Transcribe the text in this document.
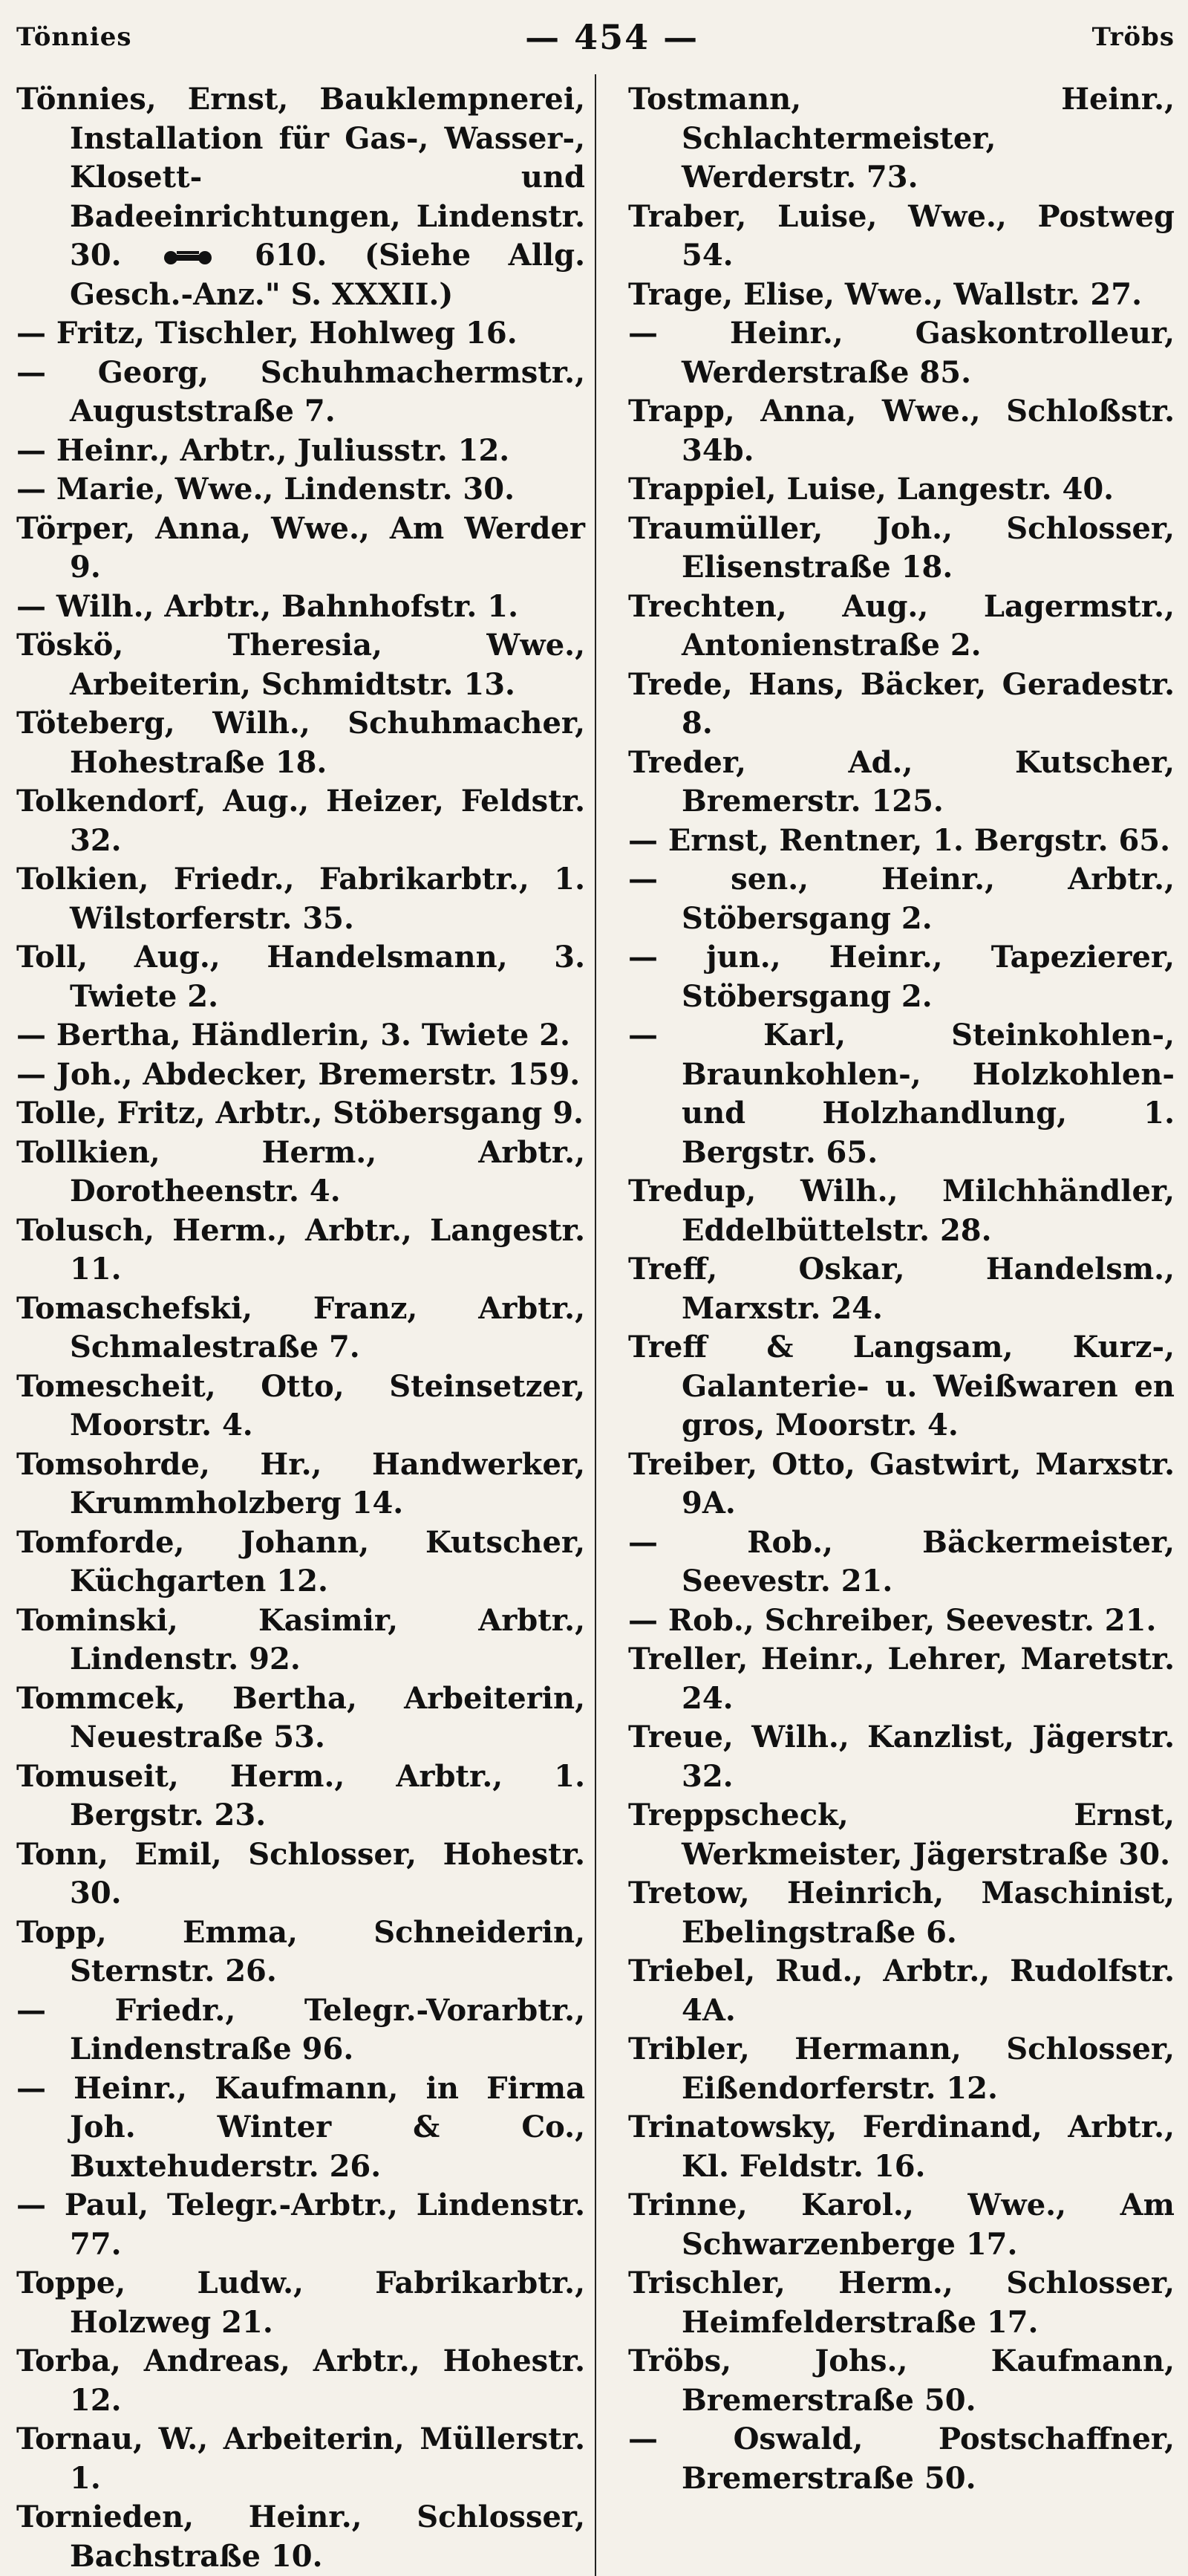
Tönnies	— 454 —	Tröbs
Tönnies, Ernst, Bauklempnerei, Installation für Gas-, Wasser-, Klosett- und Badeeinrichtungen, Lindenstr. 30.	610. (Siehe Allg. Gesch.-Anz." S. XXXII.)
— Fritz, Tischler, Hohlweg 16.
— Georg, Schuhmachermstr., Auguststraße 7.
— Heinr., Arbtr., Juliusstr. 12.
— Marie, Wwe., Lindenstr. 30.
Törper, Anna, Wwe., Am Werder 9.
— Wilh., Arbtr., Bahnhofstr. 1.
Töskö, Theresia, Wwe., Arbeiterin, Schmidtstr. 13.
Töteberg, Wilh., Schuhmacher, Hohestraße 18.
Tolkendorf, Aug., Heizer, Feldstr. 32.
Tolkien, Friedr., Fabrikarbtr., 1. Wilstorferstr. 35.
Toll, Aug., Handelsmann, 3. Twiete 2.
— Bertha, Händlerin, 3. Twiete 2.
— Joh., Abdecker, Bremerstr. 159.
Tolle, Fritz, Arbtr., Stöbersgang 9.
Tollkien, Herm., Arbtr., Dorotheenstr. 4.
Tolusch, Herm., Arbtr., Langestr. 11.
Tomaschefski, Franz, Arbtr., Schmalestraße 7.
Tomescheit, Otto, Steinsetzer, Moorstr. 4.
Tomsohrde, Hr., Handwerker, Krummholzberg 14.
Tomforde, Johann, Kutscher, Küchgarten 12.
Tominski, Kasimir, Arbtr., Lindenstr. 92.
Tommcek, Bertha, Arbeiterin, Neuestraße 53.
Tomuseit, Herm., Arbtr., 1. Bergstr. 23.
Tonn, Emil, Schlosser, Hohestr. 30.
Topp, Emma, Schneiderin, Sternstr. 26.
— Friedr., Telegr.-Vorarbtr., Lindenstraße 96.
— Heinr., Kaufmann, in Firma Joh. Winter & Co., Buxtehuderstr. 26.
— Paul, Telegr.-Arbtr., Lindenstr. 77.
Toppe, Ludw., Fabrikarbtr., Holzweg 21.
Torba, Andreas, Arbtr., Hohestr. 12.
Tornau, W., Arbeiterin, Müllerstr. 1.
Tornieden, Heinr., Schlosser, Bachstraße 10.
Tostmann, Heinr., Schlachtermeister, Werderstr. 73.
Traber, Luise, Wwe., Postweg 54.
Trage, Elise, Wwe., Wallstr. 27.
— Heinr., Gaskontrolleur, Werderstraße 85.
Trapp, Anna, Wwe., Schloßstr. 34b.
Trappiel, Luise, Langestr. 40.
Traumüller, Joh., Schlosser, Elisenstraße 18.
Trechten, Aug., Lagermstr., Antonienstraße 2.
Trede, Hans, Bäcker, Geradestr. 8.
Treder, Ad., Kutscher, Bremerstr. 125.
— Ernst, Rentner, 1. Bergstr. 65.
— sen., Heinr., Arbtr., Stöbersgang 2.
— jun., Heinr., Tapezierer, Stöbersgang 2.
— Karl, Steinkohlen-, Braunkohlen-, Holzkohlen- und Holzhandlung, 1. Bergstr. 65.
Tredup, Wilh., Milchhändler, Eddelbüttelstr. 28.
Treff, Oskar, Handelsm., Marxstr. 24.
Treff & Langsam, Kurz-, Galanterie- u. Weißwaren en gros, Moorstr. 4.
Treiber, Otto, Gastwirt, Marxstr. 9A.
— Rob., Bäckermeister, Seevestr. 21.
— Rob., Schreiber, Seevestr. 21.
Treller, Heinr., Lehrer, Maretstr. 24.
Treue, Wilh., Kanzlist, Jägerstr. 32.
Treppscheck, Ernst, Werkmeister, Jägerstraße 30.
Tretow, Heinrich, Maschinist, Ebelingstraße 6.
Triebel, Rud., Arbtr., Rudolfstr. 4A.
Tribler, Hermann, Schlosser, Eißendorferstr. 12.
Trinatowsky, Ferdinand, Arbtr., Kl. Feldstr. 16.
Trinne, Karol., Wwe., Am Schwarzenberge 17.
Trischler, Herm., Schlosser, Heimfelderstraße 17.
Tröbs, Johs., Kaufmann, Bremerstraße 50.
— Oswald, Postschaffner, Bremerstraße 50.
